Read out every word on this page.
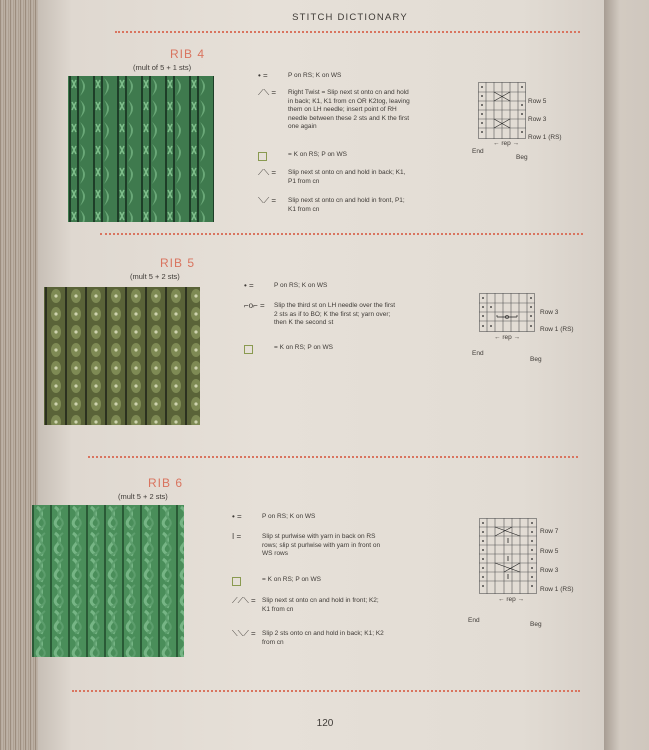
STITCH DICTIONARY
RIB 4
(mult of 5 + 1 sts)
• =	P on RS; K on WS
⟋⟍ =	Right Twist = Slip next st onto cn and hold
in back; K1, K1 from cn OR K2tog, leaving
them on LH needle; insert point of RH
needle between these 2 sts and K the first
one again
= K on RS; P on WS
⟋⟍ =	Slip next st onto cn and hold in back; K1,
P1 from cn
⟍⟋ =	Slip next st onto cn and hold in front, P1;
K1 from cn
Row 5
Row 3
Row 1 (RS)
← rep →
End
Beg
RIB 5
(mult 5 + 2 sts)
• =	P on RS; K on WS
⌐o⌐ =	Slip the third st on LH needle over the first
2 sts as if to BO; K the first st; yarn over;
then K the second st
= K on RS; P on WS
Row 3
Row 1 (RS)
← rep →
End
Beg
RIB 6
(mult 5 + 2 sts)
• =	P on RS; K on WS
I =	Slip st purlwise with yarn in back on RS
rows; slip st purlwise with yarn in front on
WS rows
= K on RS; P on WS
⟋⟋⟍ = Slip next st onto cn and hold in front; K2;
K1 from cn
⟍⟍⟋ = Slip 2 sts onto cn and hold in back; K1; K2
from cn
Row 7
Row 5
Row 3
Row 1 (RS)
← rep →
End
Beg
120
